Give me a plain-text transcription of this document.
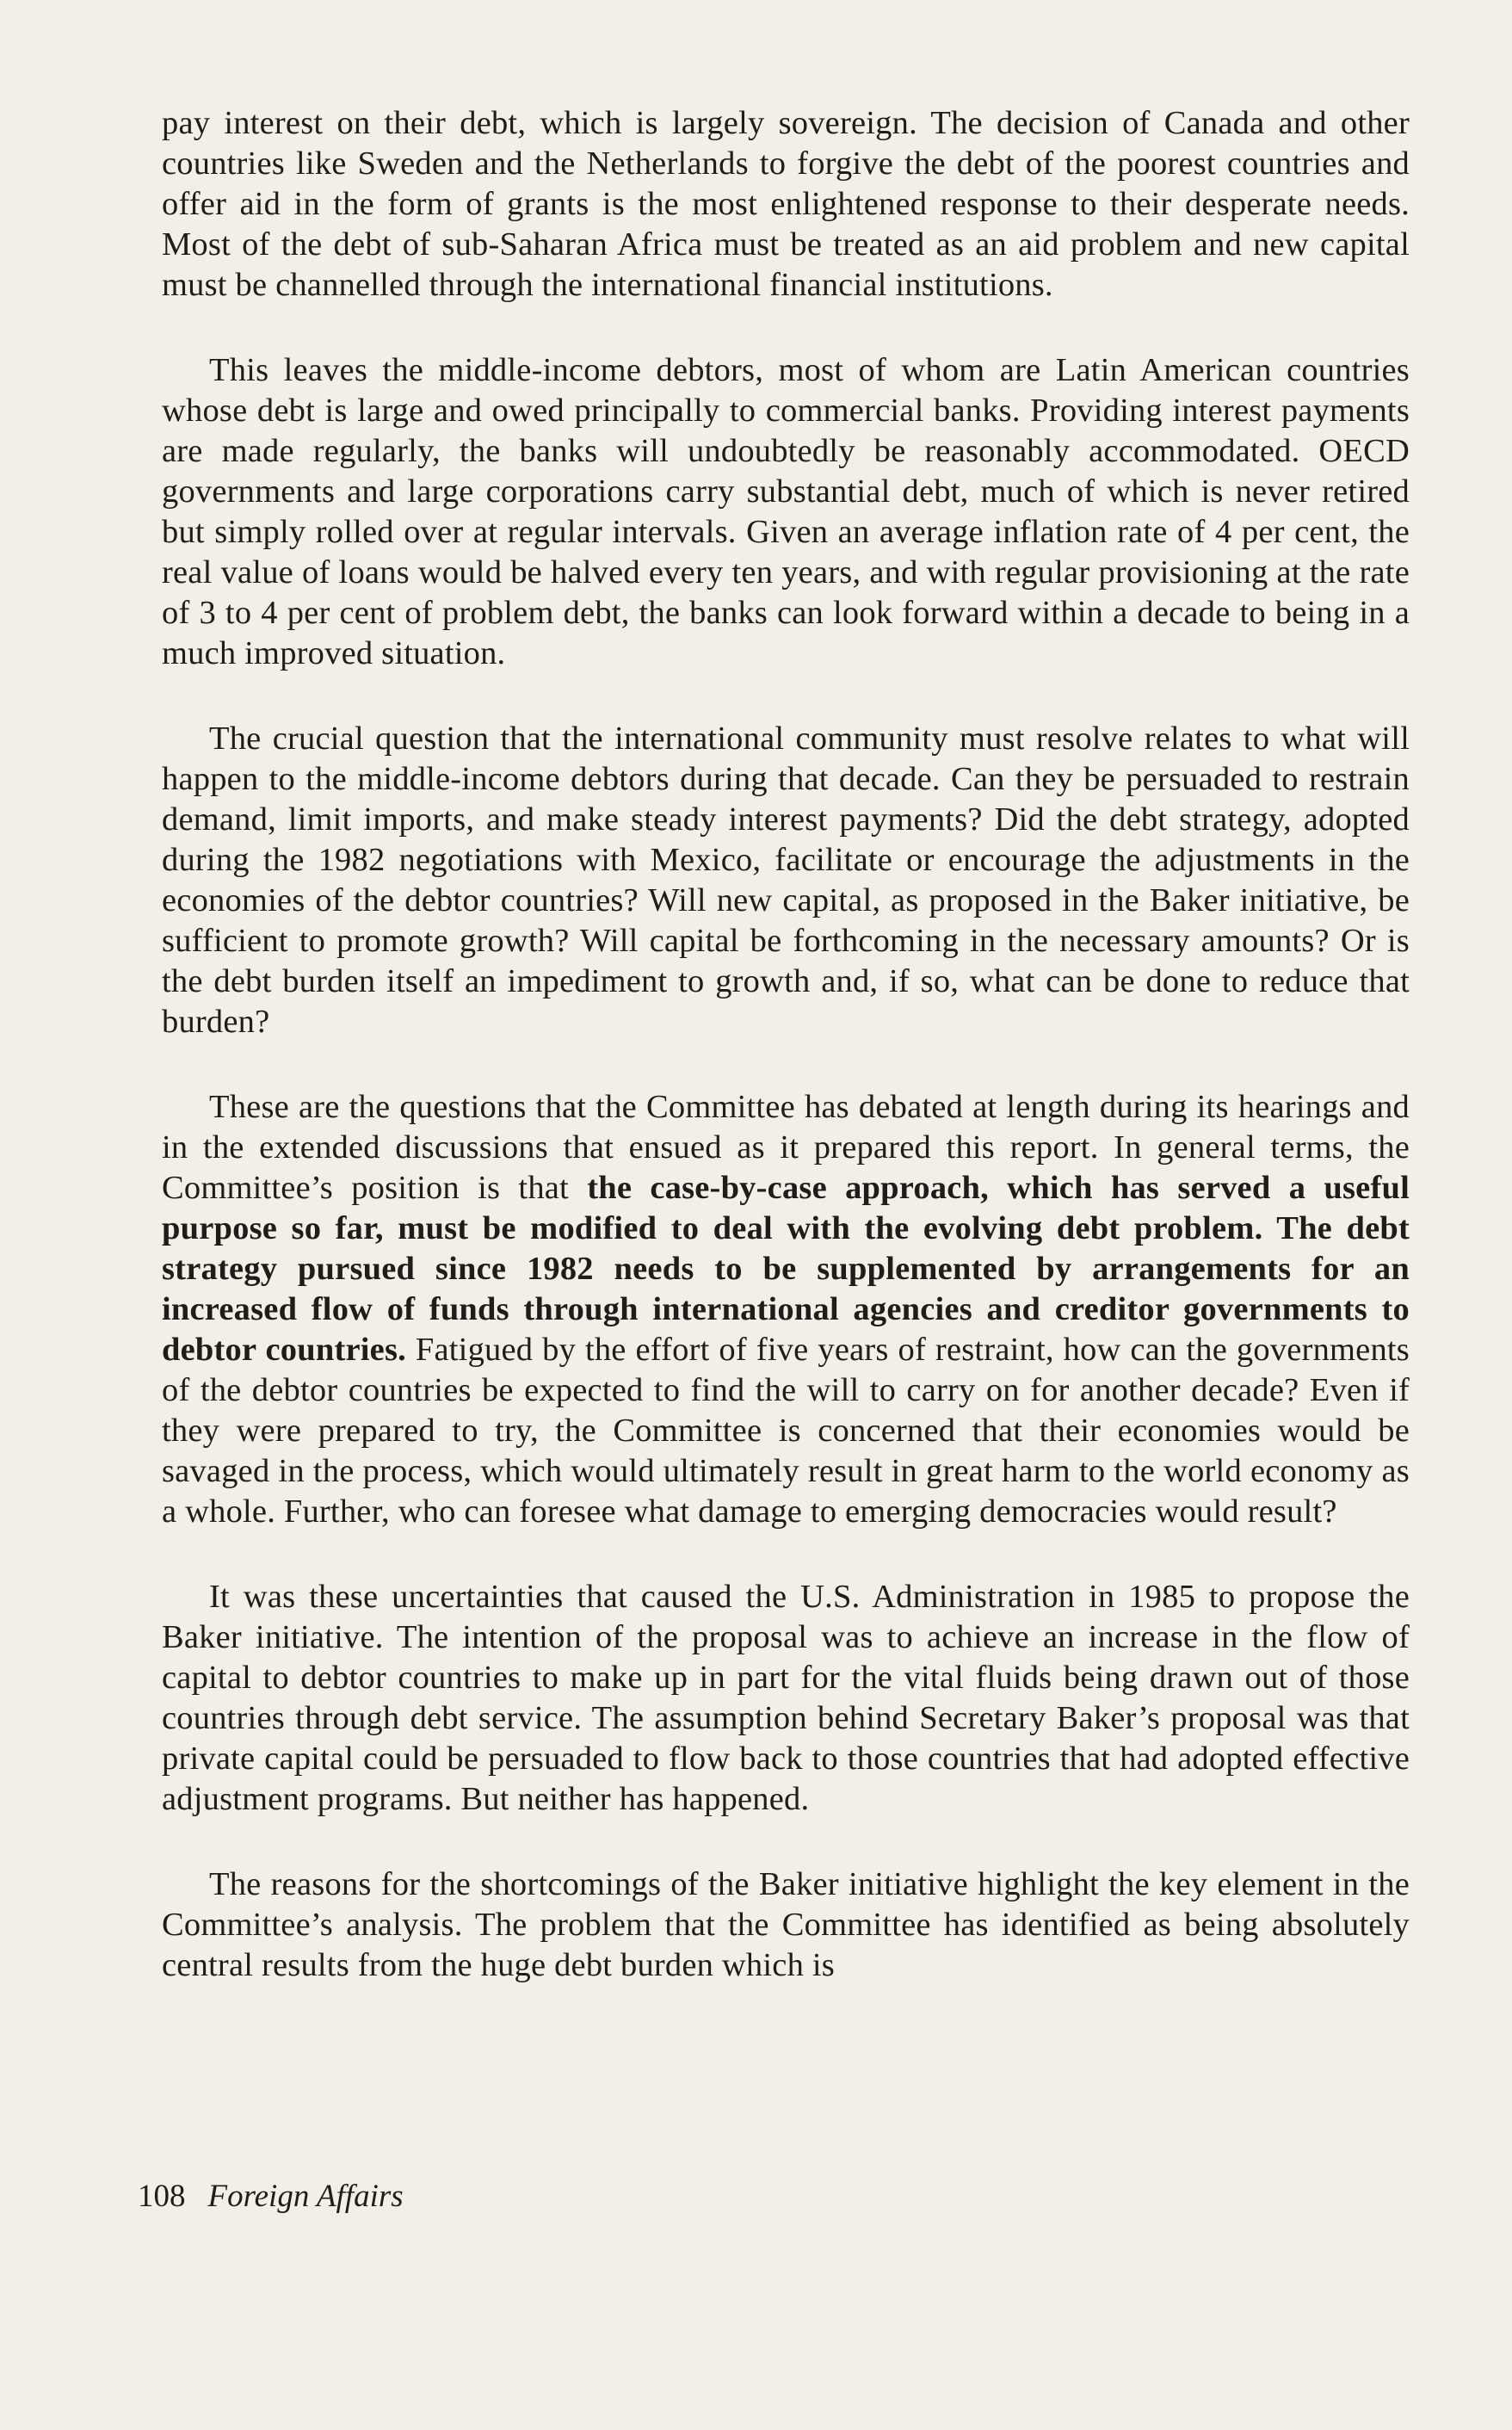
pay interest on their debt, which is largely sovereign. The decision of Canada and other countries like Sweden and the Netherlands to forgive the debt of the poorest countries and offer aid in the form of grants is the most enlightened response to their desperate needs. Most of the debt of sub-Saharan Africa must be treated as an aid problem and new capital must be channelled through the international financial institutions.

This leaves the middle-income debtors, most of whom are Latin American countries whose debt is large and owed principally to commercial banks. Providing interest payments are made regularly, the banks will undoubtedly be reasonably accommodated. OECD governments and large corporations carry substantial debt, much of which is never retired but simply rolled over at regular intervals. Given an average inflation rate of 4 per cent, the real value of loans would be halved every ten years, and with regular provisioning at the rate of 3 to 4 per cent of problem debt, the banks can look forward within a decade to being in a much improved situation.

The crucial question that the international community must resolve relates to what will happen to the middle-income debtors during that decade. Can they be persuaded to restrain demand, limit imports, and make steady interest payments? Did the debt strategy, adopted during the 1982 negotiations with Mexico, facilitate or encourage the adjustments in the economies of the debtor countries? Will new capital, as proposed in the Baker initiative, be sufficient to promote growth? Will capital be forthcoming in the necessary amounts? Or is the debt burden itself an impediment to growth and, if so, what can be done to reduce that burden?

These are the questions that the Committee has debated at length during its hearings and in the extended discussions that ensued as it prepared this report. In general terms, the Committee’s position is that the case-by-case approach, which has served a useful purpose so far, must be modified to deal with the evolving debt problem. The debt strategy pursued since 1982 needs to be supplemented by arrangements for an increased flow of funds through international agencies and creditor governments to debtor countries. Fatigued by the effort of five years of restraint, how can the governments of the debtor countries be expected to find the will to carry on for another decade? Even if they were prepared to try, the Committee is concerned that their economies would be savaged in the process, which would ultimately result in great harm to the world economy as a whole. Further, who can foresee what damage to emerging democracies would result?

It was these uncertainties that caused the U.S. Administration in 1985 to propose the Baker initiative. The intention of the proposal was to achieve an increase in the flow of capital to debtor countries to make up in part for the vital fluids being drawn out of those countries through debt service. The assumption behind Secretary Baker’s proposal was that private capital could be persuaded to flow back to those countries that had adopted effective adjustment programs. But neither has happened.

The reasons for the shortcomings of the Baker initiative highlight the key element in the Committee’s analysis. The problem that the Committee has identified as being absolutely central results from the huge debt burden which is

108 Foreign Affairs
